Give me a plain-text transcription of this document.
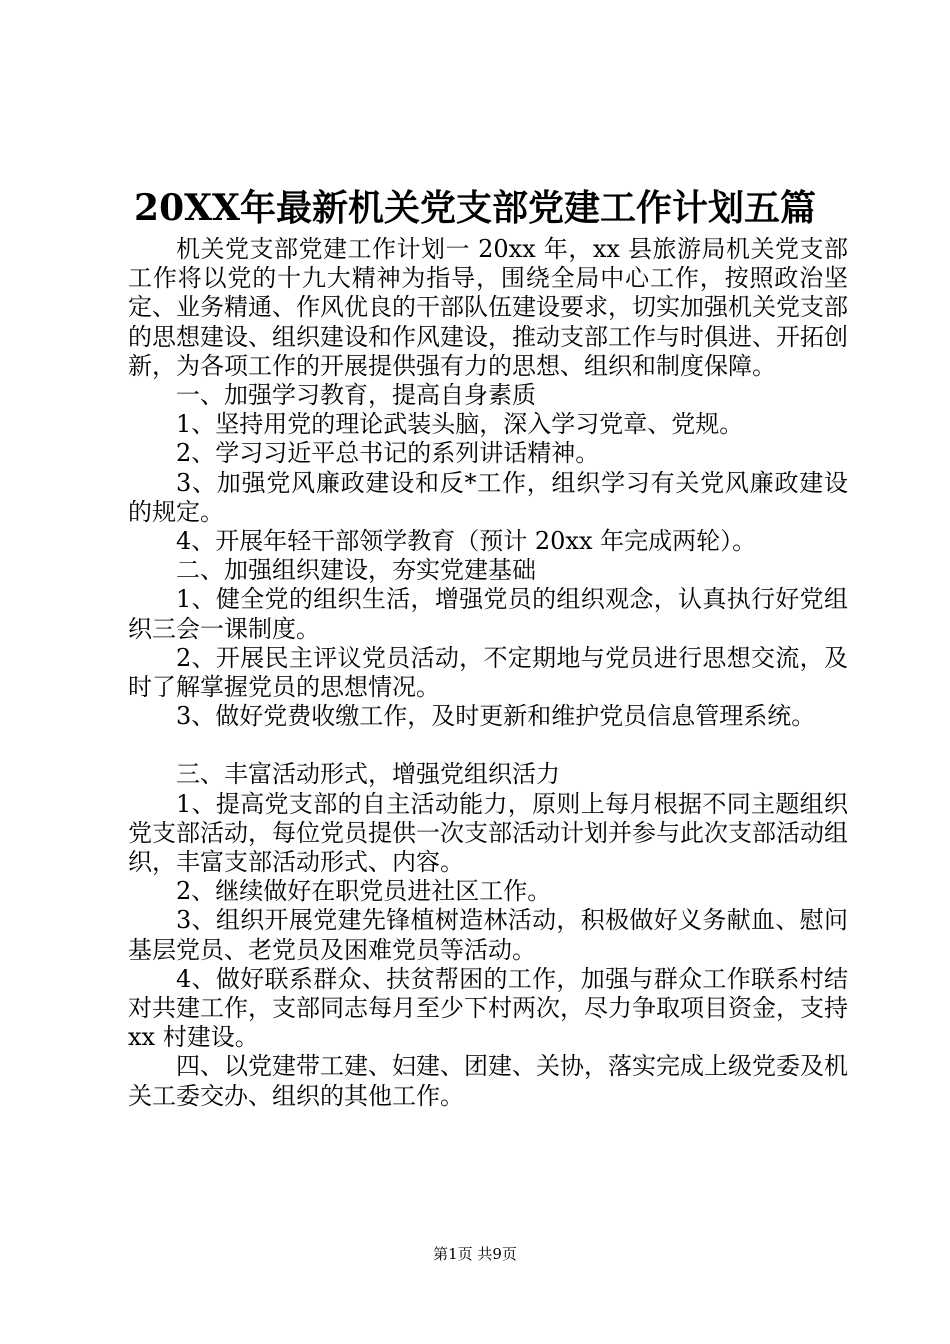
20XX年最新机关党支部党建工作计划五篇

机关党支部党建工作计划一 20xx 年，xx 县旅游局机关党支部工作将以党的十九大精神为指导，围绕全局中心工作，按照政治坚定、业务精通、作风优良的干部队伍建设要求，切实加强机关党支部的思想建设、组织建设和作风建设，推动支部工作与时俱进、开拓创新，为各项工作的开展提供强有力的思想、组织和制度保障。

一、加强学习教育，提高自身素质

1、坚持用党的理论武装头脑，深入学习党章、党规。

2、学习习近平总书记的系列讲话精神。

3、加强党风廉政建设和反*工作，组织学习有关党风廉政建设的规定。

4、开展年轻干部领学教育（预计 20xx 年完成两轮）。

二、加强组织建设，夯实党建基础

1、健全党的组织生活，增强党员的组织观念，认真执行好党组织三会一课制度。

2、开展民主评议党员活动，不定期地与党员进行思想交流，及时了解掌握党员的思想情况。

3、做好党费收缴工作，及时更新和维护党员信息管理系统。

三、丰富活动形式，增强党组织活力

1、提高党支部的自主活动能力，原则上每月根据不同主题组织党支部活动，每位党员提供一次支部活动计划并参与此次支部活动组织，丰富支部活动形式、内容。

2、继续做好在职党员进社区工作。

3、组织开展党建先锋植树造林活动，积极做好义务献血、慰问基层党员、老党员及困难党员等活动。

4、做好联系群众、扶贫帮困的工作，加强与群众工作联系村结对共建工作，支部同志每月至少下村两次，尽力争取项目资金，支持 xx 村建设。

四、以党建带工建、妇建、团建、关协，落实完成上级党委及机关工委交办、组织的其他工作。

第1页 共9页
